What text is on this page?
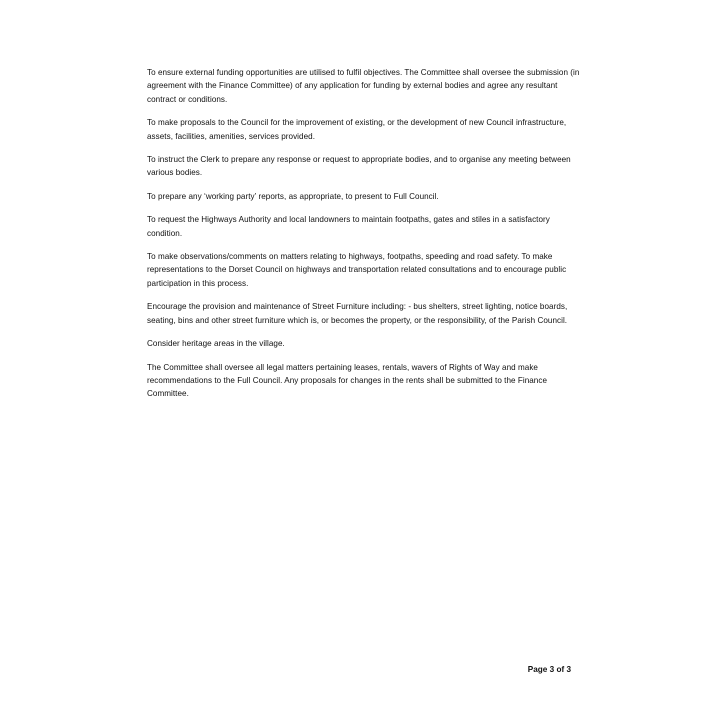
To ensure external funding opportunities are utilised to fulfil objectives. The Committee shall oversee the submission (in agreement with the Finance Committee) of any application for funding by external bodies and agree any resultant contract or conditions.

To make proposals to the Council for the improvement of existing, or the development of new Council infrastructure, assets, facilities, amenities, services provided.

To instruct the Clerk to prepare any response or request to appropriate bodies, and to organise any meeting between various bodies.

To prepare any ‘working party’ reports, as appropriate, to present to Full Council.

To request the Highways Authority and local landowners to maintain footpaths, gates and stiles in a satisfactory condition.

To make observations/comments on matters relating to highways, footpaths, speeding and road safety. To make representations to the Dorset Council on highways and transportation related consultations and to encourage public participation in this process.

Encourage the provision and maintenance of Street Furniture including: - bus shelters, street lighting, notice boards, seating, bins and other street furniture which is, or becomes the property, or the responsibility, of the Parish Council.

Consider heritage areas in the village.

The Committee shall oversee all legal matters pertaining leases, rentals, wavers of Rights of Way and make recommendations to the Full Council. Any proposals for changes in the rents shall be submitted to the Finance Committee.

Page 3 of 3
